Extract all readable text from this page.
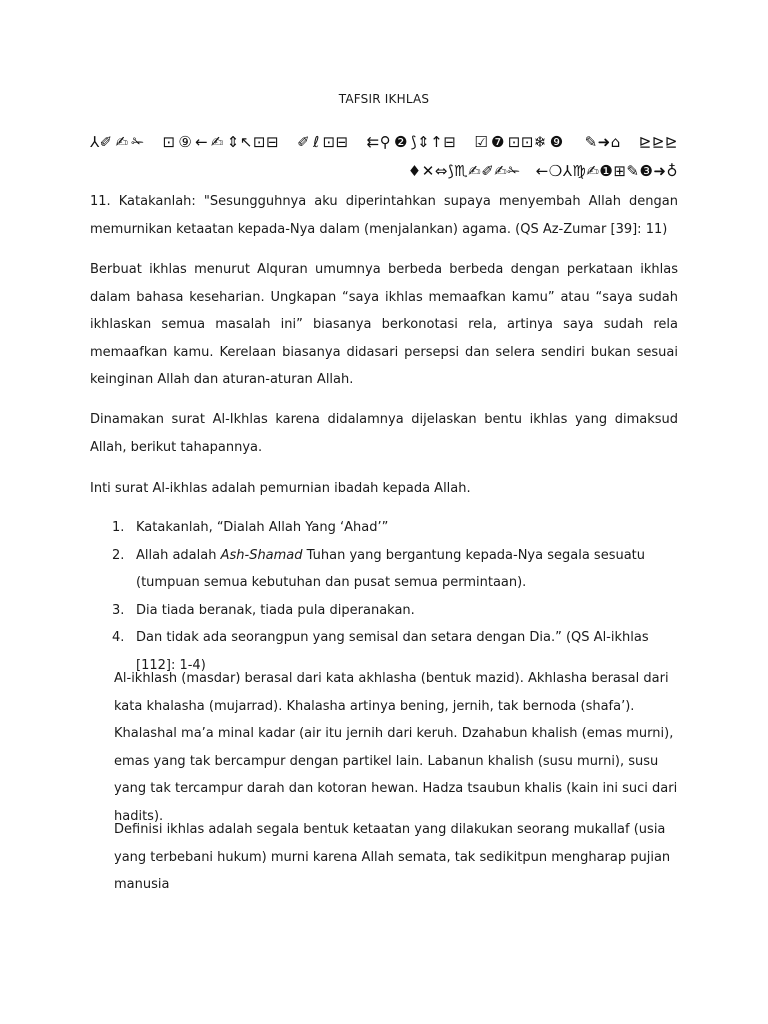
TAFSIR IKHLAS
⅄✐✍✁ ⊡⑨←✍⇕↖⊡⊟ ✐ℓ⊡⊟ ⇇⚲❷⟆⇕↑⊟ ☑❼⊡⊡❄❾ ✎➜⌂ ⊵⊵⊵ ♦✕⇔⟆♏✍✐✍✁ ←❍⅄♍✍❶⊞✎❸➜♁
11. Katakanlah: "Sesungguhnya aku diperintahkan supaya menyembah Allah dengan memurnikan ketaatan kepada-Nya dalam (menjalankan) agama. (QS Az-Zumar [39]: 11)
Berbuat ikhlas menurut Alquran umumnya berbeda berbeda dengan perkataan ikhlas dalam bahasa keseharian. Ungkapan “saya ikhlas memaafkan kamu” atau “saya sudah ikhlaskan semua masalah ini” biasanya berkonotasi rela, artinya saya sudah rela memaafkan kamu. Kerelaan biasanya didasari persepsi dan selera sendiri bukan sesuai keinginan Allah dan aturan-aturan Allah.
Dinamakan surat Al-Ikhlas karena didalamnya dijelaskan bentu ikhlas yang dimaksud Allah, berikut tahapannya.
Inti surat Al-ikhlas adalah pemurnian ibadah kepada Allah.
1. Katakanlah, “Dialah Allah Yang ‘Ahad’”
2. Allah adalah Ash-Shamad Tuhan yang bergantung kepada-Nya segala sesuatu (tumpuan semua kebutuhan dan pusat semua permintaan).
3. Dia tiada beranak, tiada pula diperanakan.
4. Dan tidak ada seorangpun yang semisal dan setara dengan Dia.” (QS Al-ikhlas [112]: 1-4)
Al-ikhlash (masdar) berasal dari kata akhlasha (bentuk mazid). Akhlasha berasal dari kata khalasha (mujarrad). Khalasha artinya bening, jernih, tak bernoda (shafa’). Khalashal ma’a minal kadar (air itu jernih dari keruh. Dzahabun khalish (emas murni), emas yang tak bercampur dengan partikel lain. Labanun khalish (susu murni), susu yang tak tercampur darah dan kotoran hewan. Hadza tsaubun khalis (kain ini suci dari hadits).
Definisi ikhlas adalah segala bentuk ketaatan yang dilakukan seorang mukallaf (usia yang terbebani hukum) murni karena Allah semata, tak sedikitpun mengharap pujian manusia
